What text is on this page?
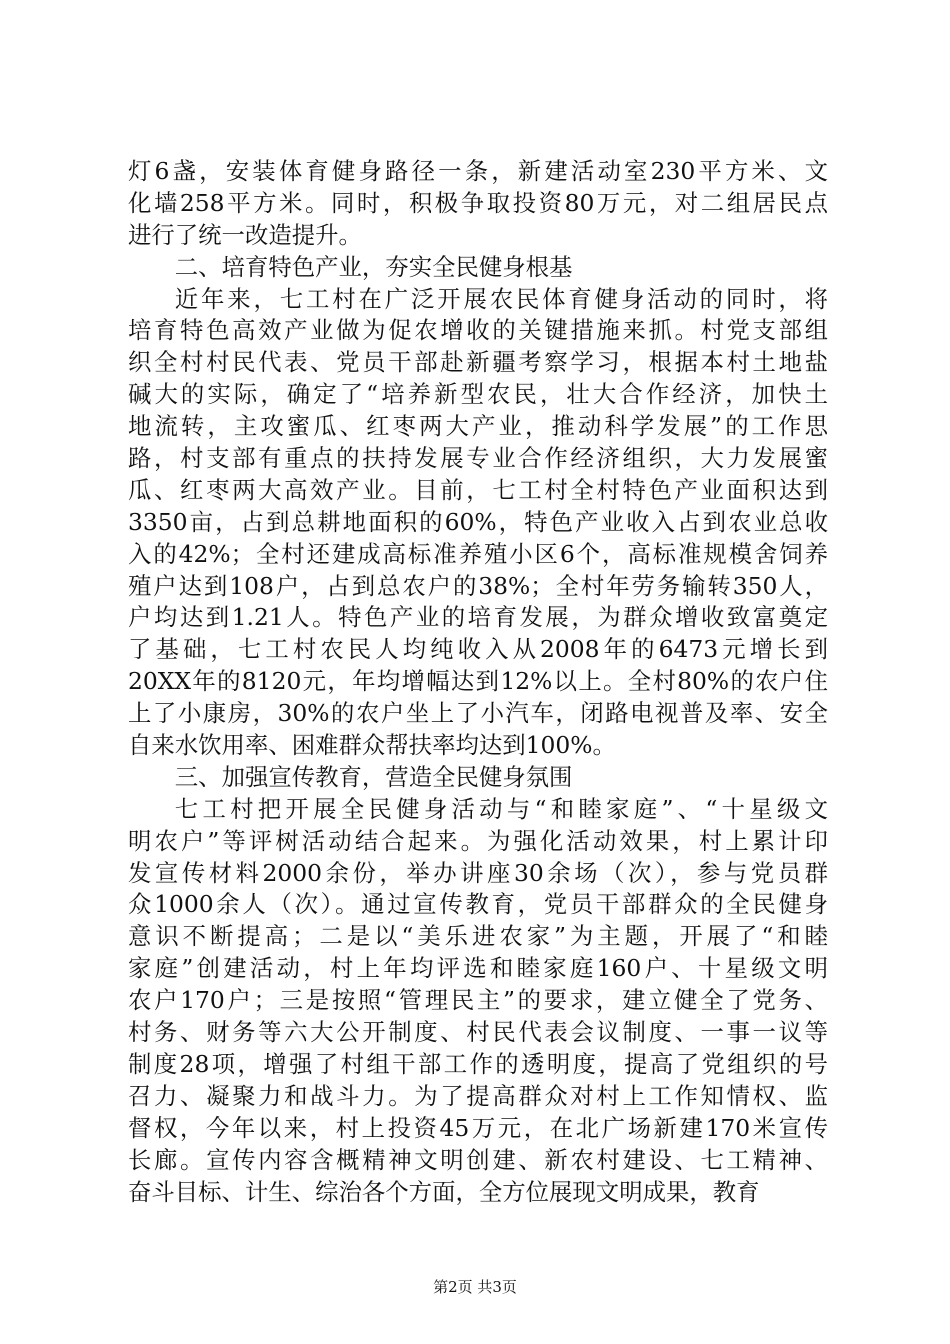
灯6盏，安装体育健身路径一条，新建活动室230平方米、文
化墙258平方米。同时，积极争取投资80万元，对二组居民点
进行了统一改造提升。
二、培育特色产业，夯实全民健身根基
近年来，七工村在广泛开展农民体育健身活动的同时，将
培育特色高效产业做为促农增收的关键措施来抓。村党支部组
织全村村民代表、党员干部赴新疆考察学习，根据本村土地盐
碱大的实际，确定了“培养新型农民，壮大合作经济，加快土
地流转，主攻蜜瓜、红枣两大产业，推动科学发展”的工作思
路，村支部有重点的扶持发展专业合作经济组织，大力发展蜜
瓜、红枣两大高效产业。目前，七工村全村特色产业面积达到
3350亩，占到总耕地面积的60%，特色产业收入占到农业总收
入的42%；全村还建成高标准养殖小区6个，高标准规模舍饲养
殖户达到108户，占到总农户的38%；全村年劳务输转350人，
户均达到1.21人。特色产业的培育发展，为群众增收致富奠定
了基础，七工村农民人均纯收入从2008年的6473元增长到
20XX年的8120元，年均增幅达到12%以上。全村80%的农户住
上了小康房，30%的农户坐上了小汽车，闭路电视普及率、安全
自来水饮用率、困难群众帮扶率均达到100%。
三、加强宣传教育，营造全民健身氛围
七工村把开展全民健身活动与“和睦家庭”、“十星级文
明农户”等评树活动结合起来。为强化活动效果，村上累计印
发宣传材料2000余份，举办讲座30余场（次），参与党员群
众1000余人（次）。通过宣传教育，党员干部群众的全民健身
意识不断提高；二是以“美乐进农家”为主题，开展了“和睦
家庭”创建活动，村上年均评选和睦家庭160户、十星级文明
农户170户；三是按照“管理民主”的要求，建立健全了党务、
村务、财务等六大公开制度、村民代表会议制度、一事一议等
制度28项，增强了村组干部工作的透明度，提高了党组织的号
召力、凝聚力和战斗力。为了提高群众对村上工作知情权、监
督权，今年以来，村上投资45万元，在北广场新建170米宣传
长廊。宣传内容含概精神文明创建、新农村建设、七工精神、
奋斗目标、计生、综治各个方面，全方位展现文明成果，教育
第2页 共3页
